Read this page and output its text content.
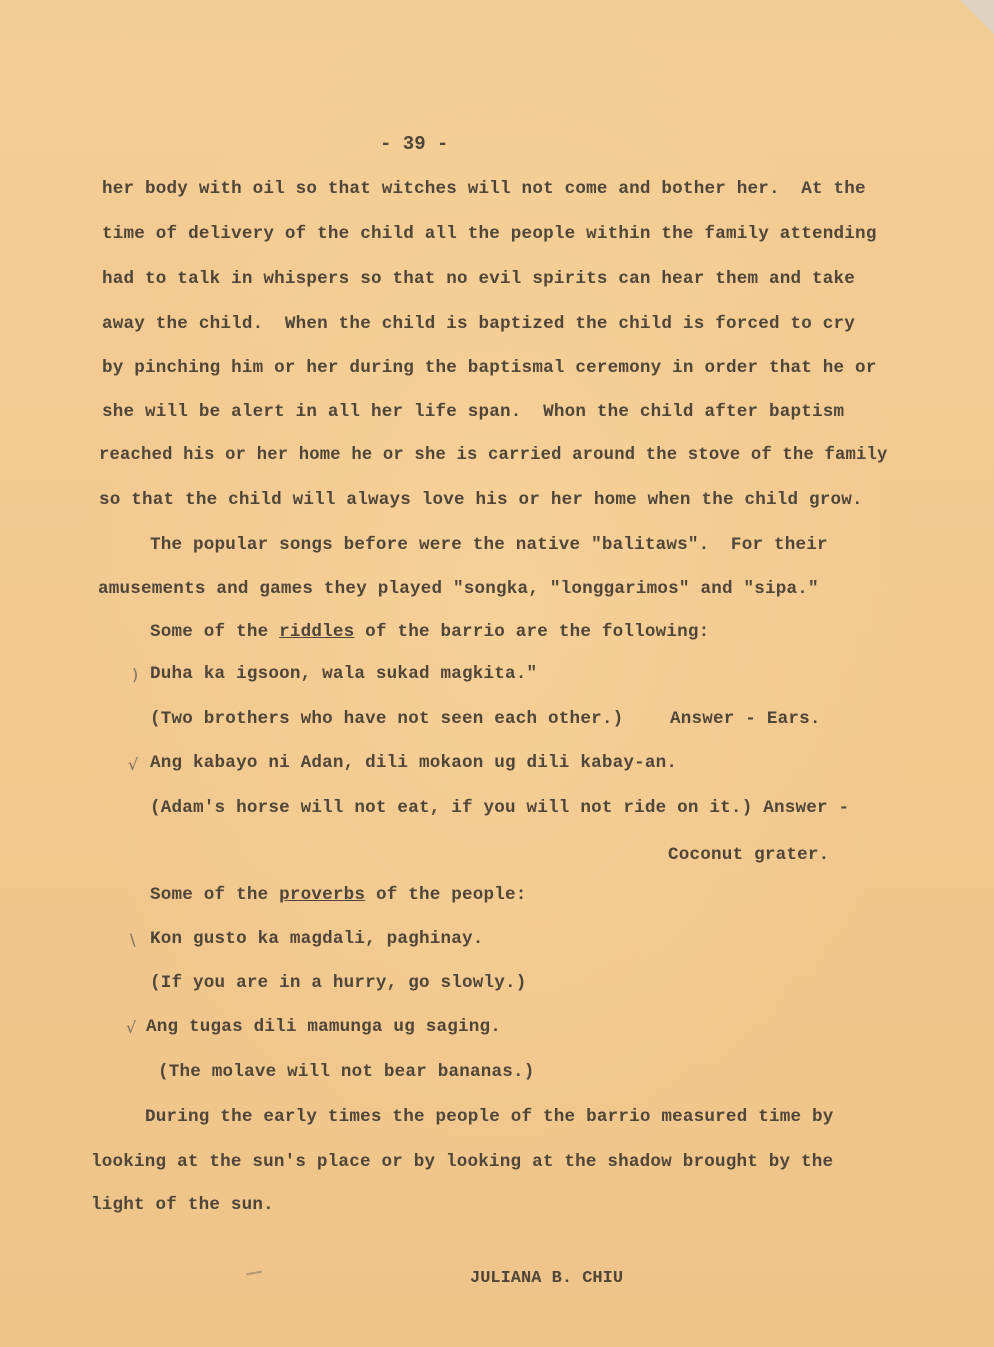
- 39 -
her body with oil so that witches will not come and bother her.  At the
time of delivery of the child all the people within the family attending
had to talk in whispers so that no evil spirits can hear them and take
away the child.  When the child is baptized the child is forced to cry
by pinching him or her during the baptismal ceremony in order that he or
she will be alert in all her life span.  Whon the child after baptism
reached his or her home he or she is carried around the stove of the family
so that the child will always love his or her home when the child grow.
The popular songs before were the native "balitaws".  For their
amusements and games they played "songka, "longgarimos" and "sipa."
Some of the riddles of the barrio are the following:
) Duha ka igsoon, wala sukad magkita."
(Two brothers who have not seen each other.)	Answer - Ears.
√ Ang kabayo ni Adan, dili mokaon ug dili kabay-an.
(Adam's horse will not eat, if you will not ride on it.) Answer -
Coconut grater.
Some of the proverbs of the people:
\ Kon gusto ka magdali, paghinay.
(If you are in a hurry, go slowly.)
√ Ang tugas dili mamunga ug saging.
(The molave will not bear bananas.)
During the early times the people of the barrio measured time by
looking at the sun's place or by looking at the shadow brought by the
light of the sun.
JULIANA B. CHIU
